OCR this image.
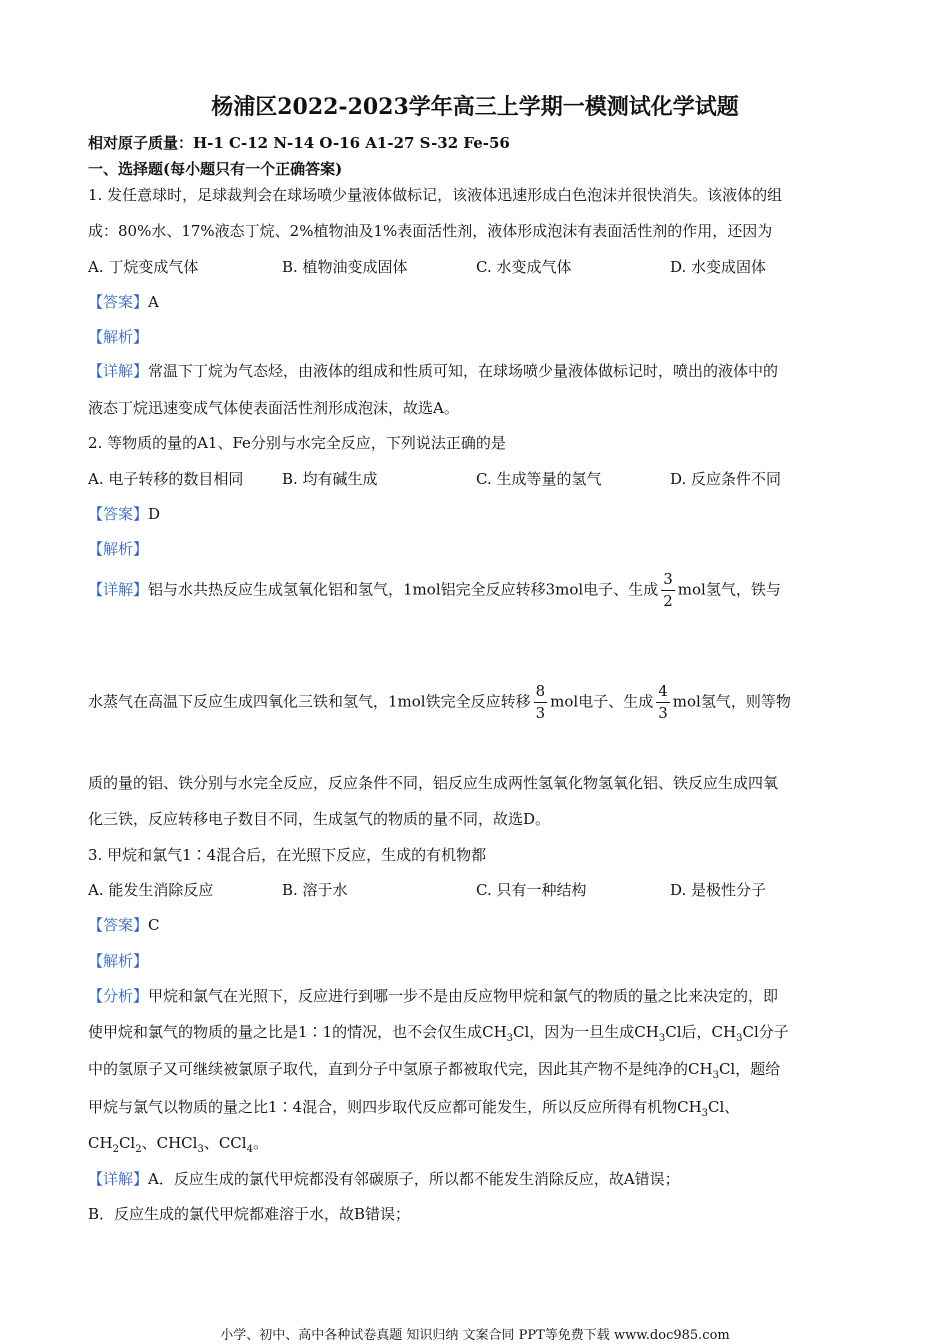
杨浦区2022-2023学年高三上学期一模测试化学试题
相对原子质量：H-1 C-12 N-14 O-16 A1-27 S-32 Fe-56
一、选择题(每小题只有一个正确答案)
1. 发任意球时，足球裁判会在球场喷少量液体做标记，该液体迅速形成白色泡沫并很快消失。该液体的组
成：80%水、17%液态丁烷、2%植物油及1%表面活性剂，液体形成泡沫有表面活性剂的作用，还因为
A. 丁烷变成气体	B. 植物油变成固体	C. 水变成气体	D. 水变成固体
【答案】A
【解析】
【详解】常温下丁烷为气态烃，由液体的组成和性质可知，在球场喷少量液体做标记时，喷出的液体中的
液态丁烷迅速变成气体使表面活性剂形成泡沫，故选A。
2. 等物质的量的A1、Fe分别与水完全反应，下列说法正确的是
A. 电子转移的数目相同	B. 均有碱生成	C. 生成等量的氢气	D. 反应条件不同
【答案】D
【解析】
【详解】铝与水共热反应生成氢氧化铝和氢气，1mol铝完全反应转移3mol电子、生成 $\frac{3}{2}$ mol氢气，铁与
水蒸气在高温下反应生成四氧化三铁和氢气，1mol铁完全反应转移 $\frac{8}{3}$ mol电子、生成 $\frac{4}{3}$ mol氢气，则等物
质的量的铝、铁分别与水完全反应，反应条件不同，铝反应生成两性氢氧化物氢氧化铝、铁反应生成四氧
化三铁，反应转移电子数目不同，生成氢气的物质的量不同，故选D。
3. 甲烷和氯气1∶4混合后，在光照下反应，生成的有机物都
A. 能发生消除反应	B. 溶于水	C. 只有一种结构	D. 是极性分子
【答案】C
【解析】
【分析】甲烷和氯气在光照下，反应进行到哪一步不是由反应物甲烷和氯气的物质的量之比来决定的，即
使甲烷和氯气的物质的量之比是1∶1的情况，也不会仅生成$CH_3Cl$，因为一旦生成$CH_3Cl$后，$CH_3Cl$分子
中的氢原子又可继续被氯原子取代，直到分子中氢原子都被取代完，因此其产物不是纯净的$CH_3Cl$，题给
甲烷与氯气以物质的量之比1∶4混合，则四步取代反应都可能发生，所以反应所得有机物$CH_3Cl$、
$CH_2Cl_2$、CHCl$_3$、CCl$_4$。
【详解】A．反应生成的氯代甲烷都没有邻碳原子，所以都不能发生消除反应，故A错误；
B．反应生成的氯代甲烷都难溶于水，故B错误；
小学、初中、高中各种试卷真题 知识归纳 文案合同 PPT等免费下载 www.doc985.com
